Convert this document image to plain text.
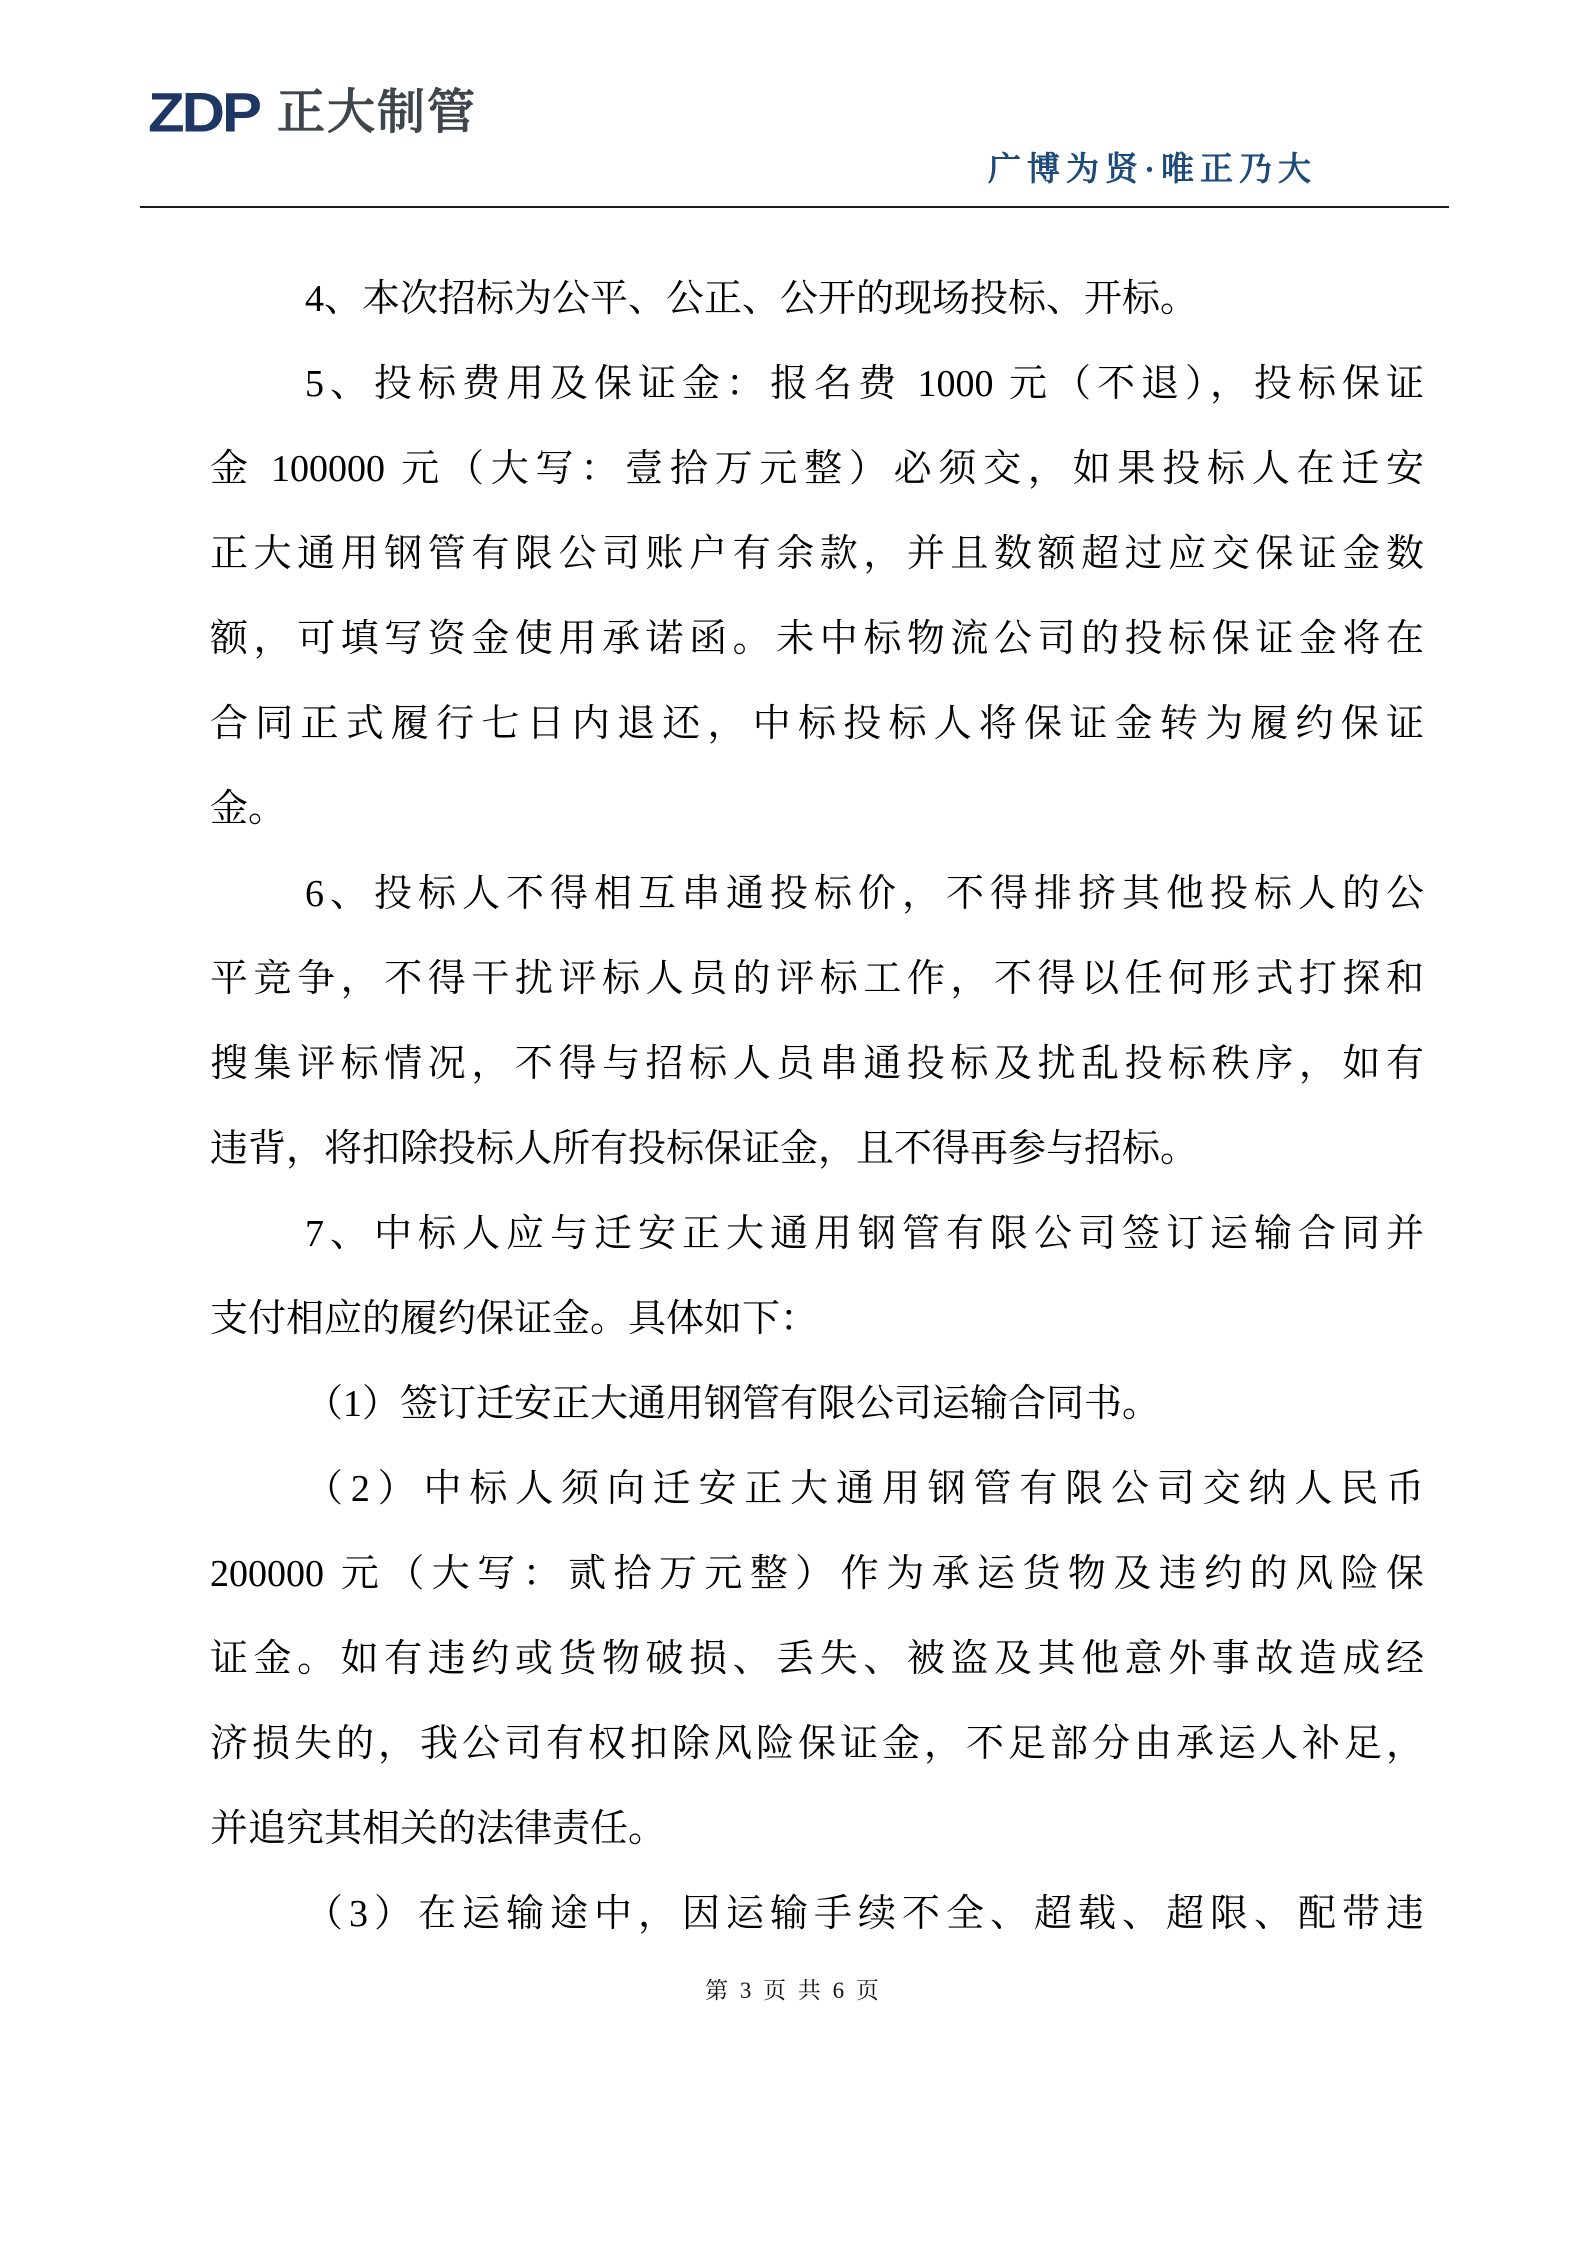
ZDP 正大制管
广博为贤·唯正乃大
4、本次招标为公平、公正、公开的现场投标、开标。
5、投标费用及保证金：报名费 1000 元（不退），投标保证
金 100000 元（大写：壹拾万元整）必须交，如果投标人在迁安
正大通用钢管有限公司账户有余款，并且数额超过应交保证金数
额，可填写资金使用承诺函。未中标物流公司的投标保证金将在
合同正式履行七日内退还，中标投标人将保证金转为履约保证
金。
6、投标人不得相互串通投标价，不得排挤其他投标人的公
平竞争，不得干扰评标人员的评标工作，不得以任何形式打探和
搜集评标情况，不得与招标人员串通投标及扰乱投标秩序，如有
违背，将扣除投标人所有投标保证金，且不得再参与招标。
7、中标人应与迁安正大通用钢管有限公司签订运输合同并
支付相应的履约保证金。具体如下：
（1）签订迁安正大通用钢管有限公司运输合同书。
（2）中标人须向迁安正大通用钢管有限公司交纳人民币
200000 元（大写：贰拾万元整）作为承运货物及违约的风险保
证金。如有违约或货物破损、丢失、被盗及其他意外事故造成经
济损失的，我公司有权扣除风险保证金，不足部分由承运人补足，
并追究其相关的法律责任。
（3）在运输途中，因运输手续不全、超载、超限、配带违
第 3 页 共 6 页
